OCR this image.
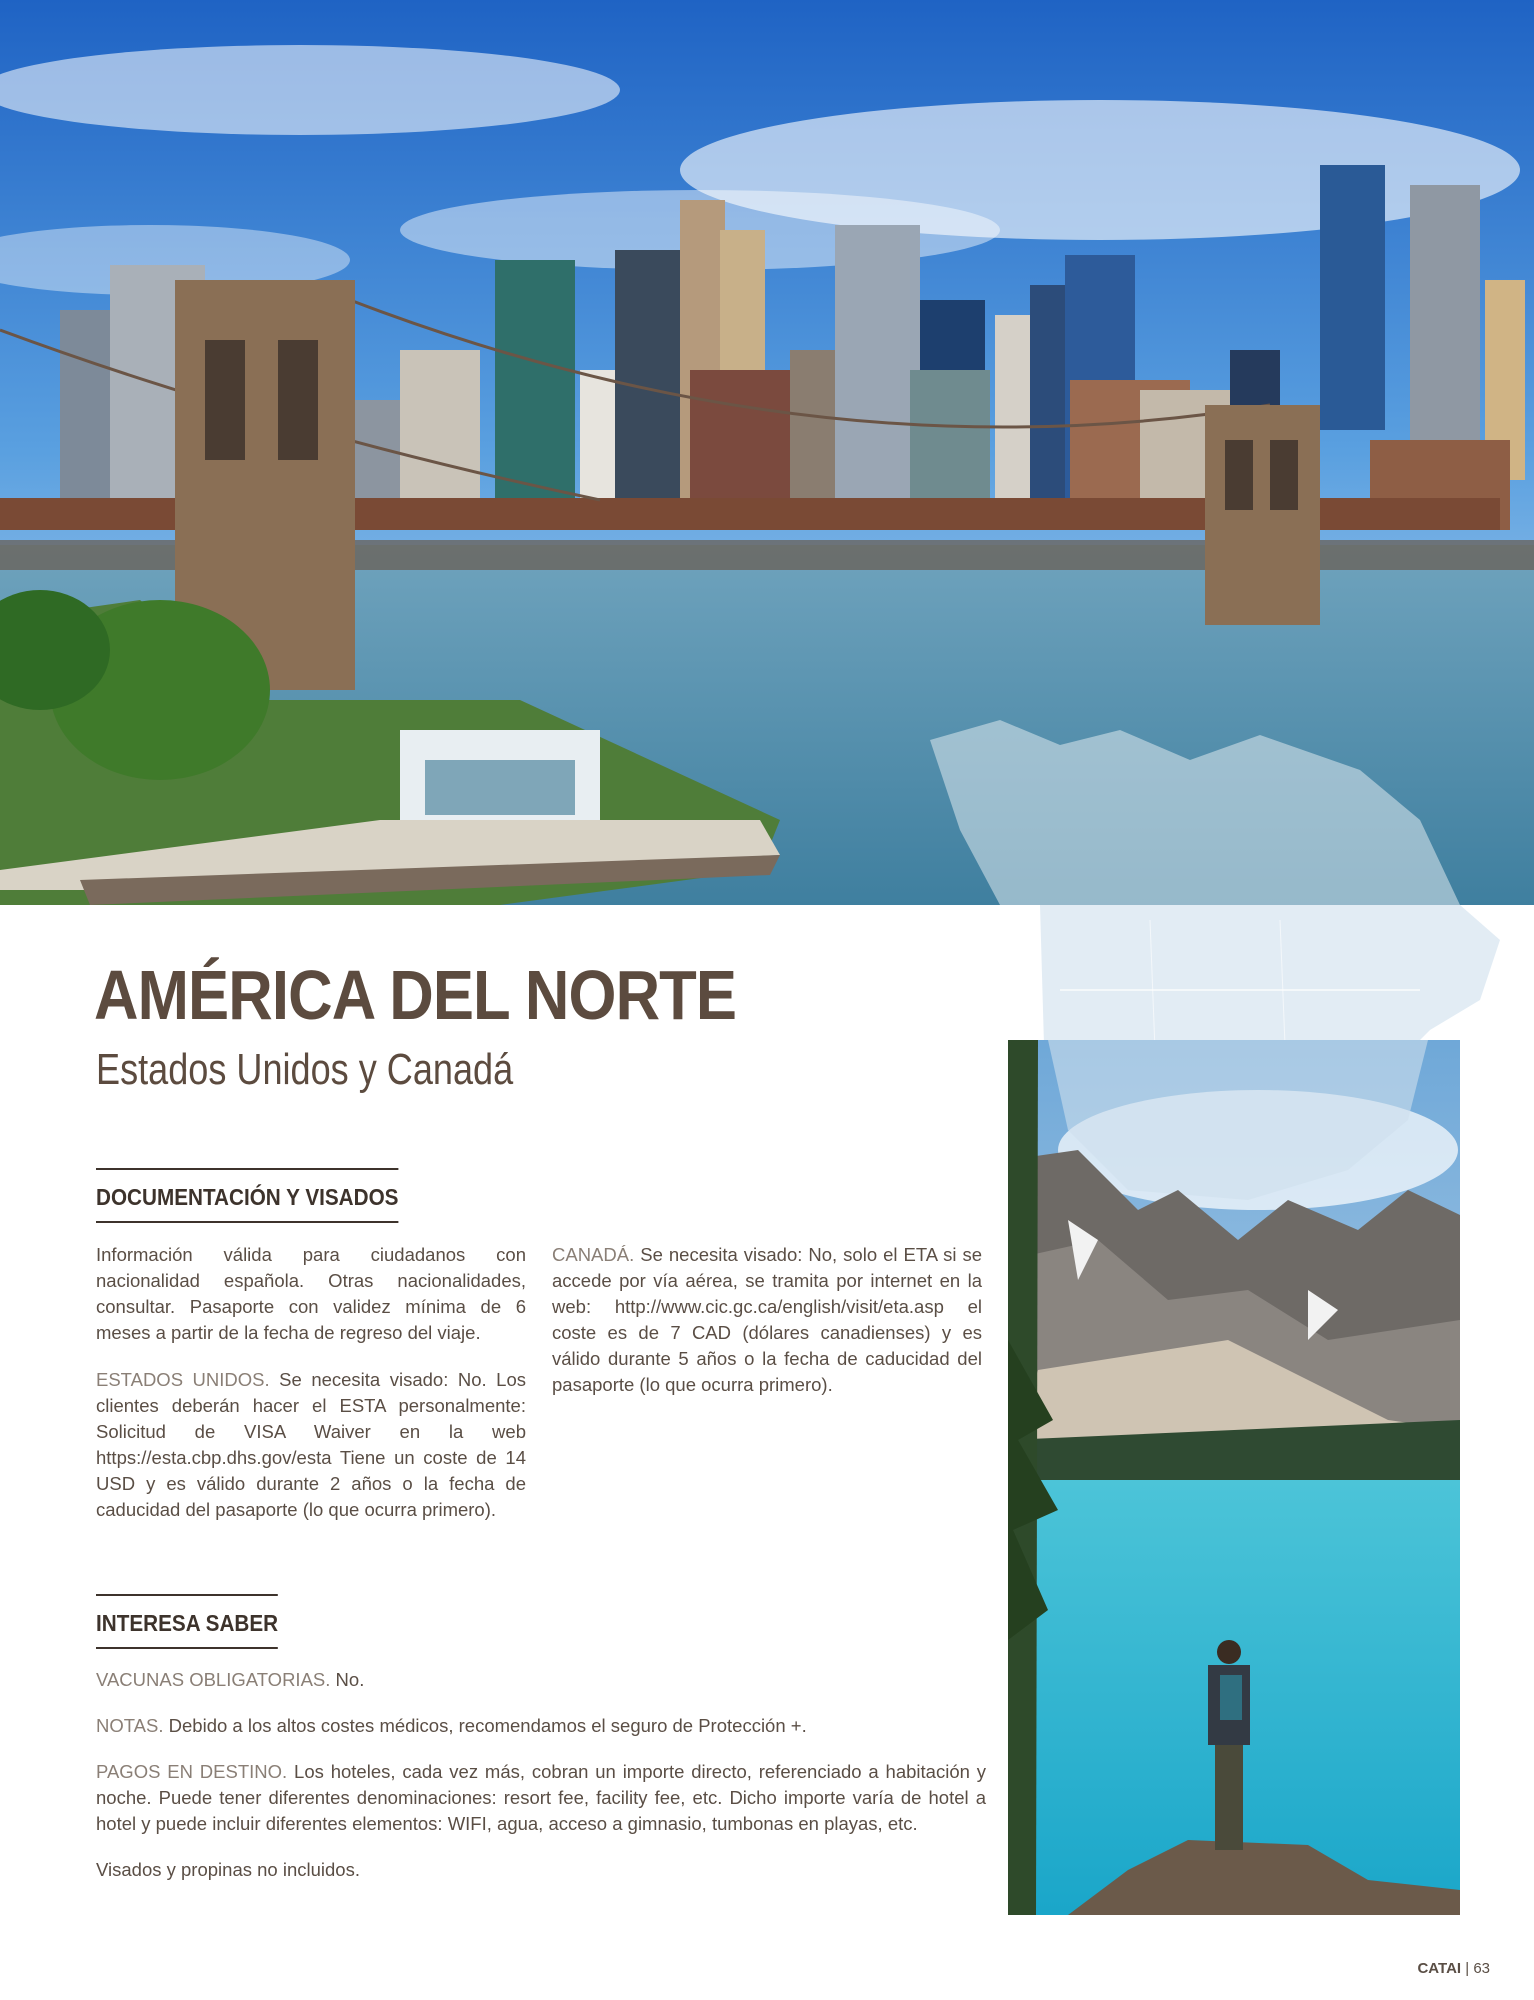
AMÉRICA DEL NORTE
Estados Unidos y Canadá
DOCUMENTACIÓN Y VISADOS

Información válida para ciudadanos con nacionalidad española. Otras nacionalidades, consultar. Pasaporte con validez mínima de 6 meses a partir de la fecha de regreso del viaje.

ESTADOS UNIDOS. Se necesita visado: No. Los clientes deberán hacer el ESTA personalmente: Solicitud de VISA Waiver en la web https://esta.cbp.dhs.gov/esta Tiene un coste de 14 USD y es válido durante 2 años o la fecha de caducidad del pasaporte (lo que ocurra primero).

CANADÁ. Se necesita visado: No, solo el ETA si se accede por vía aérea, se tramita por internet en la web: http://www.cic.gc.ca/english/visit/eta.asp el coste es de 7 CAD (dólares canadienses) y es válido durante 5 años o la fecha de caducidad del pasaporte (lo que ocurra primero).

INTERESA SABER

VACUNAS OBLIGATORIAS. No.

NOTAS. Debido a los altos costes médicos, recomendamos el seguro de Protección +.

PAGOS EN DESTINO. Los hoteles, cada vez más, cobran un importe directo, referenciado a habitación y noche. Puede tener diferentes denominaciones: resort fee, facility fee, etc. Dicho importe varía de hotel a hotel y puede incluir diferentes elementos: WIFI, agua, acceso a gimnasio, tumbonas en playas, etc.

Visados y propinas no incluidos.

CATAI | 63
